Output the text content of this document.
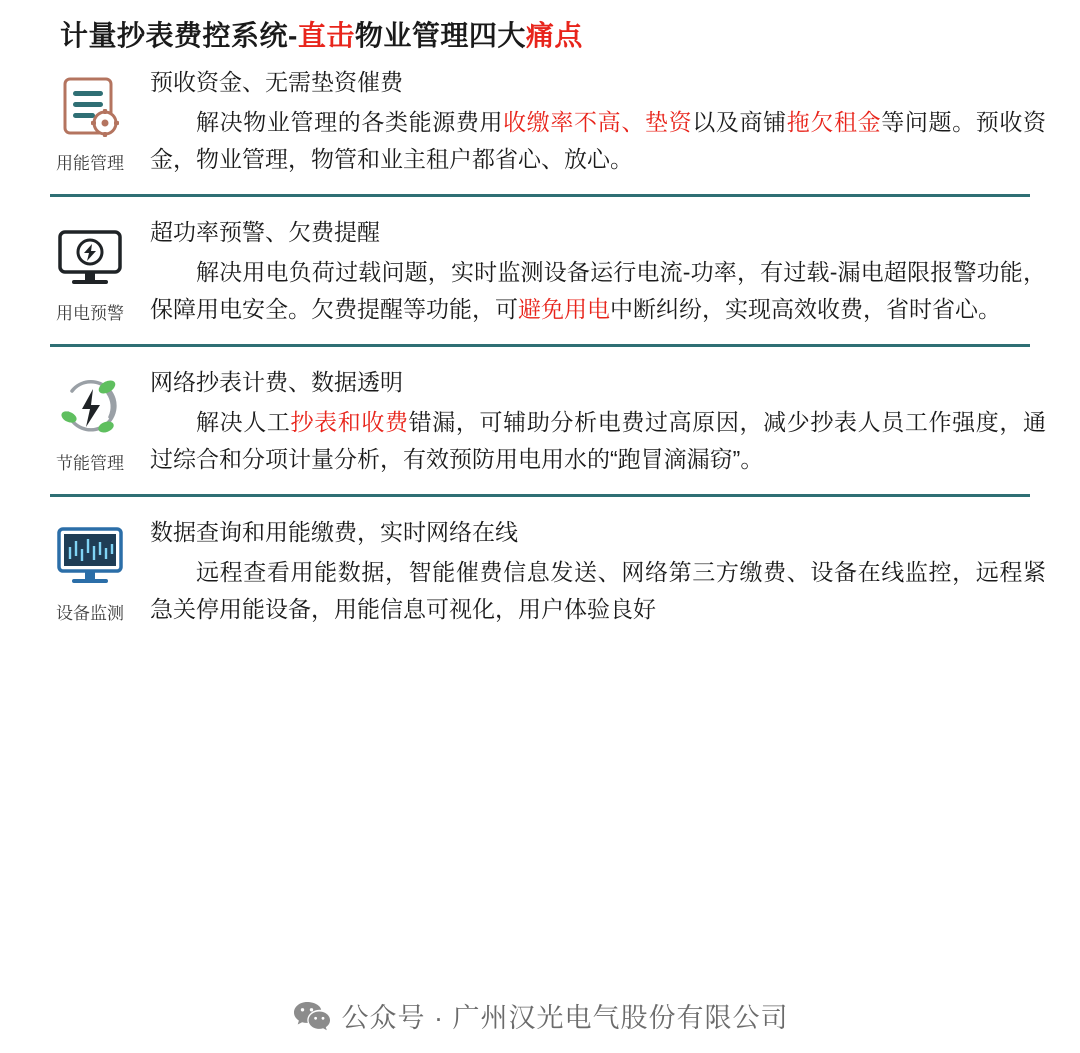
计量抄表费控系统-直击物业管理四大痛点
用能管理
预收资金、无需垫资催费
解决物业管理的各类能源费用收缴率不高、垫资以及商铺拖欠租金等问题。预收资金，物业管理，物管和业主租户都省心、放心。
用电预警
超功率预警、欠费提醒
解决用电负荷过载问题，实时监测设备运行电流-功率，有过载-漏电超限报警功能，保障用电安全。欠费提醒等功能，可避免用电中断纠纷，实现高效收费，省时省心。
节能管理
网络抄表计费、数据透明
解决人工抄表和收费错漏，可辅助分析电费过高原因，减少抄表人员工作强度，通过综合和分项计量分析，有效预防用电用水的“跑冒滴漏窃”。
设备监测
数据查询和用能缴费，实时网络在线
远程查看用能数据，智能催费信息发送、网络第三方缴费、设备在线监控，远程紧急关停用能设备，用能信息可视化，用户体验良好
公众号 · 广州汉光电气股份有限公司
